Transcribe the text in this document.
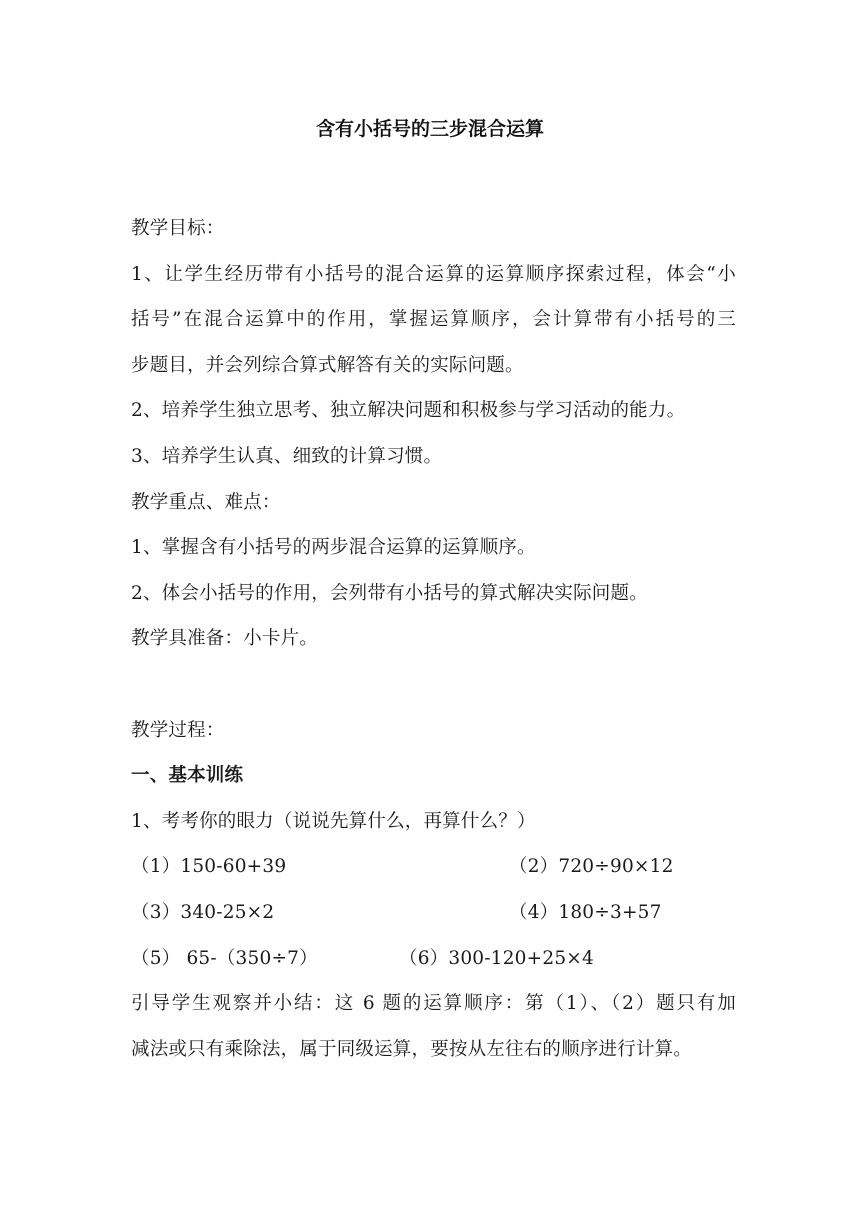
含有小括号的三步混合运算
教学目标：
1、让学生经历带有小括号的混合运算的运算顺序探索过程，体会“小
括号”在混合运算中的作用，掌握运算顺序，会计算带有小括号的三
步题目，并会列综合算式解答有关的实际问题。
2、培养学生独立思考、独立解决问题和积极参与学习活动的能力。
3、培养学生认真、细致的计算习惯。
教学重点、难点：
1、掌握含有小括号的两步混合运算的运算顺序。
2、体会小括号的作用，会列带有小括号的算式解决实际问题。
教学具准备：小卡片。
教学过程：
一、基本训练
1、考考你的眼力（说说先算什么，再算什么？）
（1）150-60+39	（2）720÷90×12
（3）340-25×2	（4）180÷3+57
（5） 65-（350÷7）	（6）300-120+25×4
引导学生观察并小结：这 6 题的运算顺序：第（1）、（2）题只有加
减法或只有乘除法，属于同级运算，要按从左往右的顺序进行计算。
